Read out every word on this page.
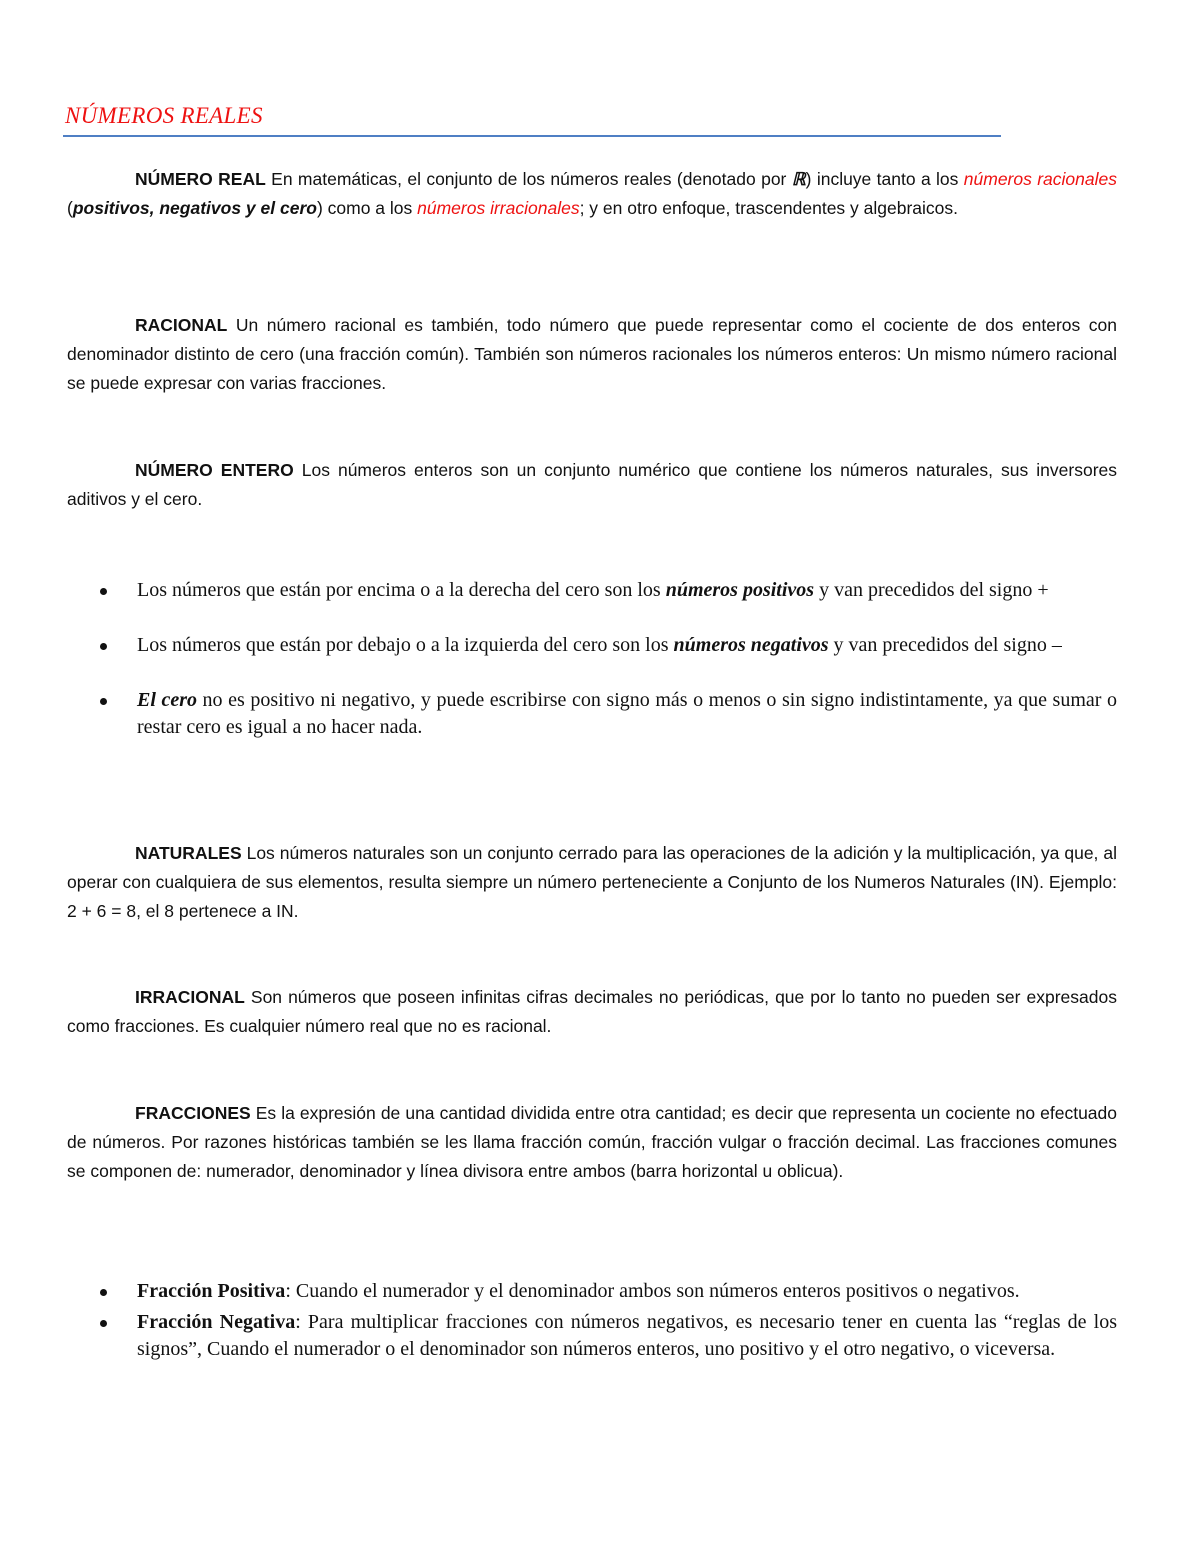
NÚMEROS REALES

NÚMERO REAL En matemáticas, el conjunto de los números reales (denotado por ℝ) incluye tanto a los números racionales (positivos, negativos y el cero) como a los números irracionales; y en otro enfoque, trascendentes y algebraicos.

RACIONAL Un número racional es también, todo número que puede representar como el cociente de dos enteros con denominador distinto de cero (una fracción común). También son números racionales los números enteros: Un mismo número racional se puede expresar con varias fracciones.

NÚMERO ENTERO Los números enteros son un conjunto numérico que contiene los números naturales, sus inversores aditivos y el cero.

Los números que están por encima o a la derecha del cero son los números positivos y van precedidos del signo +
Los números que están por debajo o a la izquierda del cero son los números negativos y van precedidos del signo –
El cero no es positivo ni negativo, y puede escribirse con signo más o menos o sin signo indistintamente, ya que sumar o restar cero es igual a no hacer nada.

NATURALES Los números naturales son un conjunto cerrado para las operaciones de la adición y la multiplicación, ya que, al operar con cualquiera de sus elementos, resulta siempre un número perteneciente a Conjunto de los Numeros Naturales (IN). Ejemplo: 2 + 6 = 8, el 8 pertenece a IN.

IRRACIONAL Son números que poseen infinitas cifras decimales no periódicas, que por lo tanto no pueden ser expresados como fracciones. Es cualquier número real que no es racional.

FRACCIONES Es la expresión de una cantidad dividida entre otra cantidad; es decir que representa un cociente no efectuado de números. Por razones históricas también se les llama fracción común, fracción vulgar o fracción decimal. Las fracciones comunes se componen de: numerador, denominador y línea divisora entre ambos (barra horizontal u oblicua).

Fracción Positiva: Cuando el numerador y el denominador ambos son números enteros positivos o negativos.
Fracción Negativa: Para multiplicar fracciones con números negativos, es necesario tener en cuenta las “reglas de los signos”, Cuando el numerador o el denominador son números enteros, uno positivo y el otro negativo, o viceversa.
